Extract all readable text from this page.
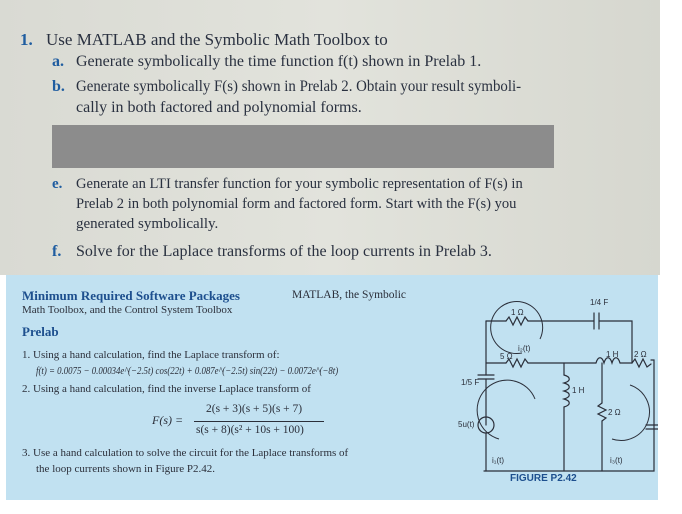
1. Use MATLAB and the Symbolic Math Toolbox to
a. Generate symbolically the time function f(t) shown in Prelab 1.
b. Generate symbolically F(s) shown in Prelab 2. Obtain your result symboli-
cally in both factored and polynomial forms.
e. Generate an LTI transfer function for your symbolic representation of F(s) in
Prelab 2 in both polynomial form and factored form. Start with the F(s) you
generated symbolically.
f. Solve for the Laplace transforms of the loop currents in Prelab 3.
Minimum Required Software Packages	MATLAB, the Symbolic
Math Toolbox, and the Control System Toolbox
Prelab
1. Using a hand calculation, find the Laplace transform of:
f(t) = 0.0075 − 0.00034e^(−2.5t) cos(22t) + 0.087e^(−2.5t) sin(22t) − 0.0072e^(−8t)
2. Using a hand calculation, find the inverse Laplace transform of
F(s) =
2(s + 3)(s + 5)(s + 7)
s(s + 8)(s² + 10s + 100)
3. Use a hand calculation to solve the circuit for the Laplace transforms of
the loop currents shown in Figure P2.42.
1 Ω
1/4 F
5 Ω
i₂(t)
1 H 2 Ω
1 H
1/5 F
5u(t)
2 Ω
i₁(t)	i₃(t)
FIGURE P2.42
